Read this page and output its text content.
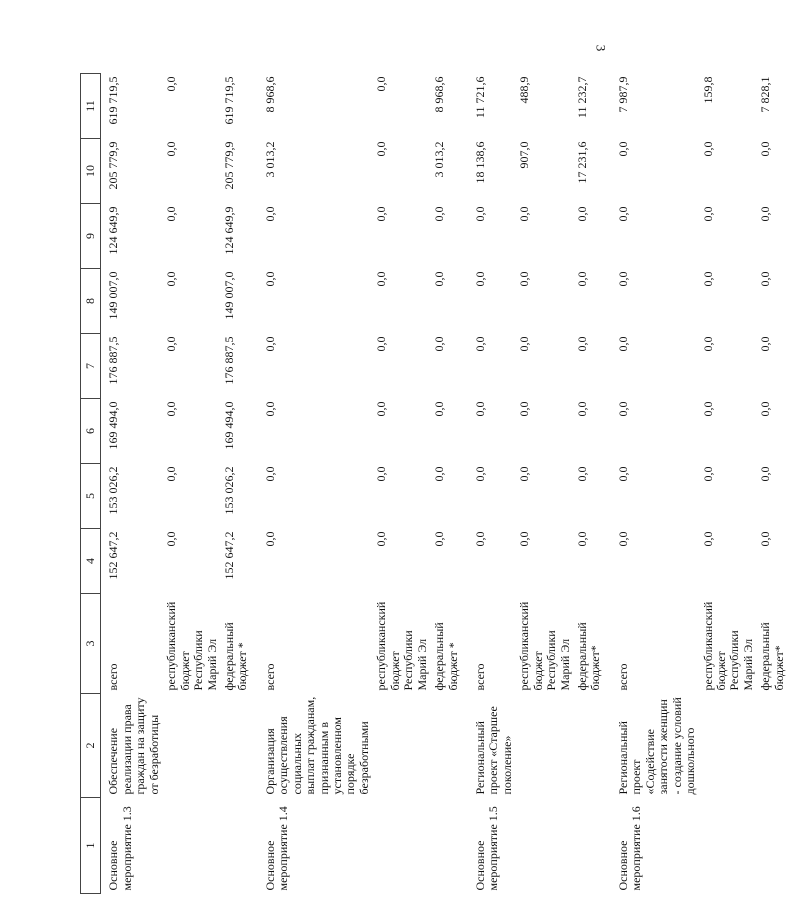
3
1	2	3	4	5	6	7	8	9	10	11
Основное мероприятие 1.3	Обеспечение реализации права граждан на защиту от безработицы	всего	152 647,2	153 026,2	169 494,0	176 887,5	149 007,0	124 649,9	205 779,9	619 719,5
		республиканский бюджет Республики Марий Эл	0,0	0,0	0,0	0,0	0,0	0,0	0,0	0,0
		федеральный бюджет *	152 647,2	153 026,2	169 494,0	176 887,5	149 007,0	124 649,9	205 779,9	619 719,5
Основное мероприятие 1.4	Организация осуществления социальных выплат гражданам, признанным в установленном порядке безработными	всего	0,0	0,0	0,0	0,0	0,0	0,0	3 013,2	8 968,6
		республиканский бюджет Республики Марий Эл	0,0	0,0	0,0	0,0	0,0	0,0	0,0	0,0
		федеральный бюджет *	0,0	0,0	0,0	0,0	0,0	0,0	3 013,2	8 968,6
Основное мероприятие 1.5	Региональный проект «Старшее поколение»	всего	0,0	0,0	0,0	0,0	0,0	0,0	18 138,6	11 721,6
		республиканский бюджет Республики Марий Эл	0,0	0,0	0,0	0,0	0,0	0,0	907,0	488,9
		федеральный бюджет*	0,0	0,0	0,0	0,0	0,0	0,0	17 231,6	11 232,7
Основное мероприятие 1.6	Региональный проект «Содействие занятости женщин - создание условий дошкольного	всего	0,0	0,0	0,0	0,0	0,0	0,0	0,0	7 987,9
		республиканский бюджет Республики Марий Эл	0,0	0,0	0,0	0,0	0,0	0,0	0,0	159,8
		федеральный бюджет*	0,0	0,0	0,0	0,0	0,0	0,0	0,0	7 828,1
